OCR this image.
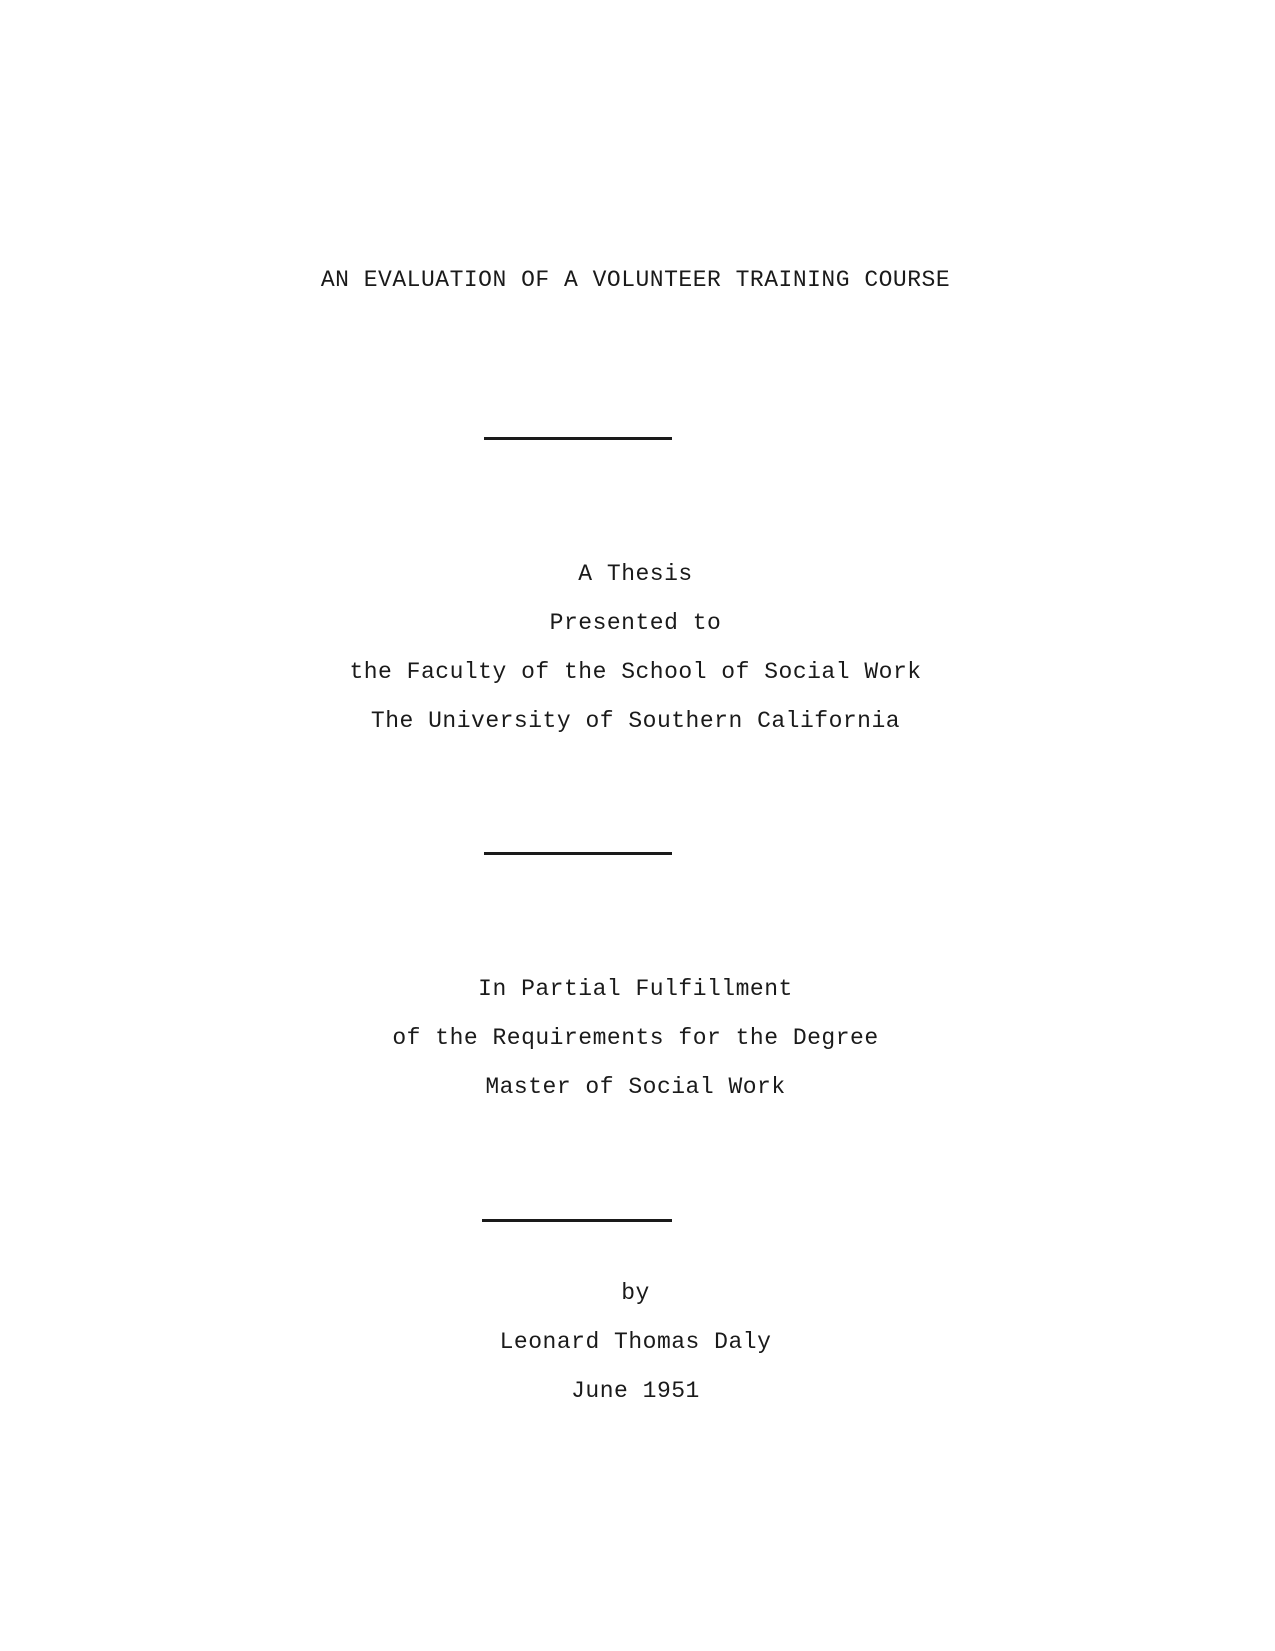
AN EVALUATION OF A VOLUNTEER TRAINING COURSE
A Thesis
Presented to
the Faculty of the School of Social Work
The University of Southern California
In Partial Fulfillment
of the Requirements for the Degree
Master of Social Work
by
Leonard Thomas Daly
June 1951
